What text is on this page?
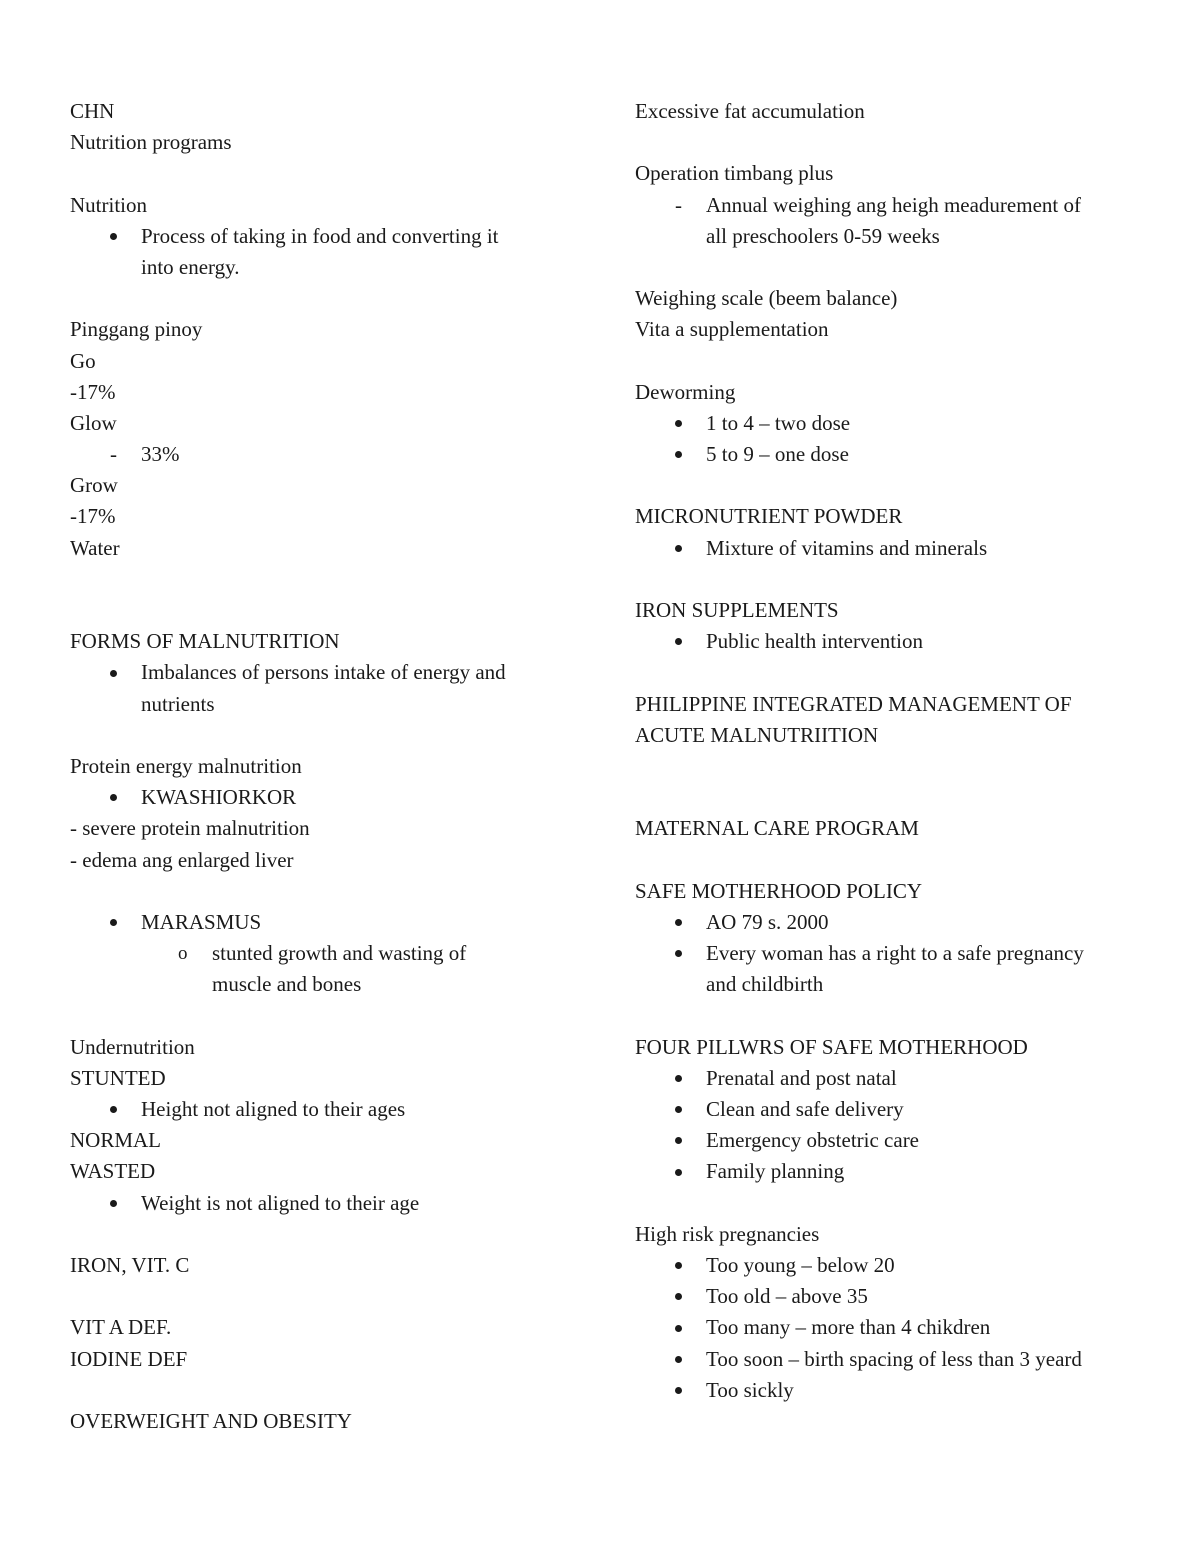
CHN
Nutrition programs
Nutrition
Process of taking in food and converting it
into energy.
Pinggang pinoy
Go
-17%
Glow
- 33%
Grow
-17%
Water
FORMS OF MALNUTRITION
Imbalances of persons intake of energy and
nutrients
Protein energy malnutrition
KWASHIORKOR
- severe protein malnutrition
- edema ang enlarged liver
MARASMUS
o stunted growth and wasting of
muscle and bones
Undernutrition
STUNTED
Height not aligned to their ages
NORMAL
WASTED
Weight is not aligned to their age
IRON, VIT. C
VIT A DEF.
IODINE DEF
OVERWEIGHT AND OBESITY
Excessive fat accumulation
Operation timbang plus
- Annual weighing ang heigh meadurement of
all preschoolers 0-59 weeks
Weighing scale (beem balance)
Vita a supplementation
Deworming
1 to 4 – two dose
5 to 9 – one dose
MICRONUTRIENT POWDER
Mixture of vitamins and minerals
IRON SUPPLEMENTS
Public health intervention
PHILIPPINE INTEGRATED MANAGEMENT OF
ACUTE MALNUTRIITION
MATERNAL CARE PROGRAM
SAFE MOTHERHOOD POLICY
AO 79 s. 2000
Every woman has a right to a safe pregnancy
and childbirth
FOUR PILLWRS OF SAFE MOTHERHOOD
Prenatal and post natal
Clean and safe delivery
Emergency obstetric care
Family planning
High risk pregnancies
Too young – below 20
Too old – above 35
Too many – more than 4 chikdren
Too soon – birth spacing of less than 3 yeard
Too sickly
